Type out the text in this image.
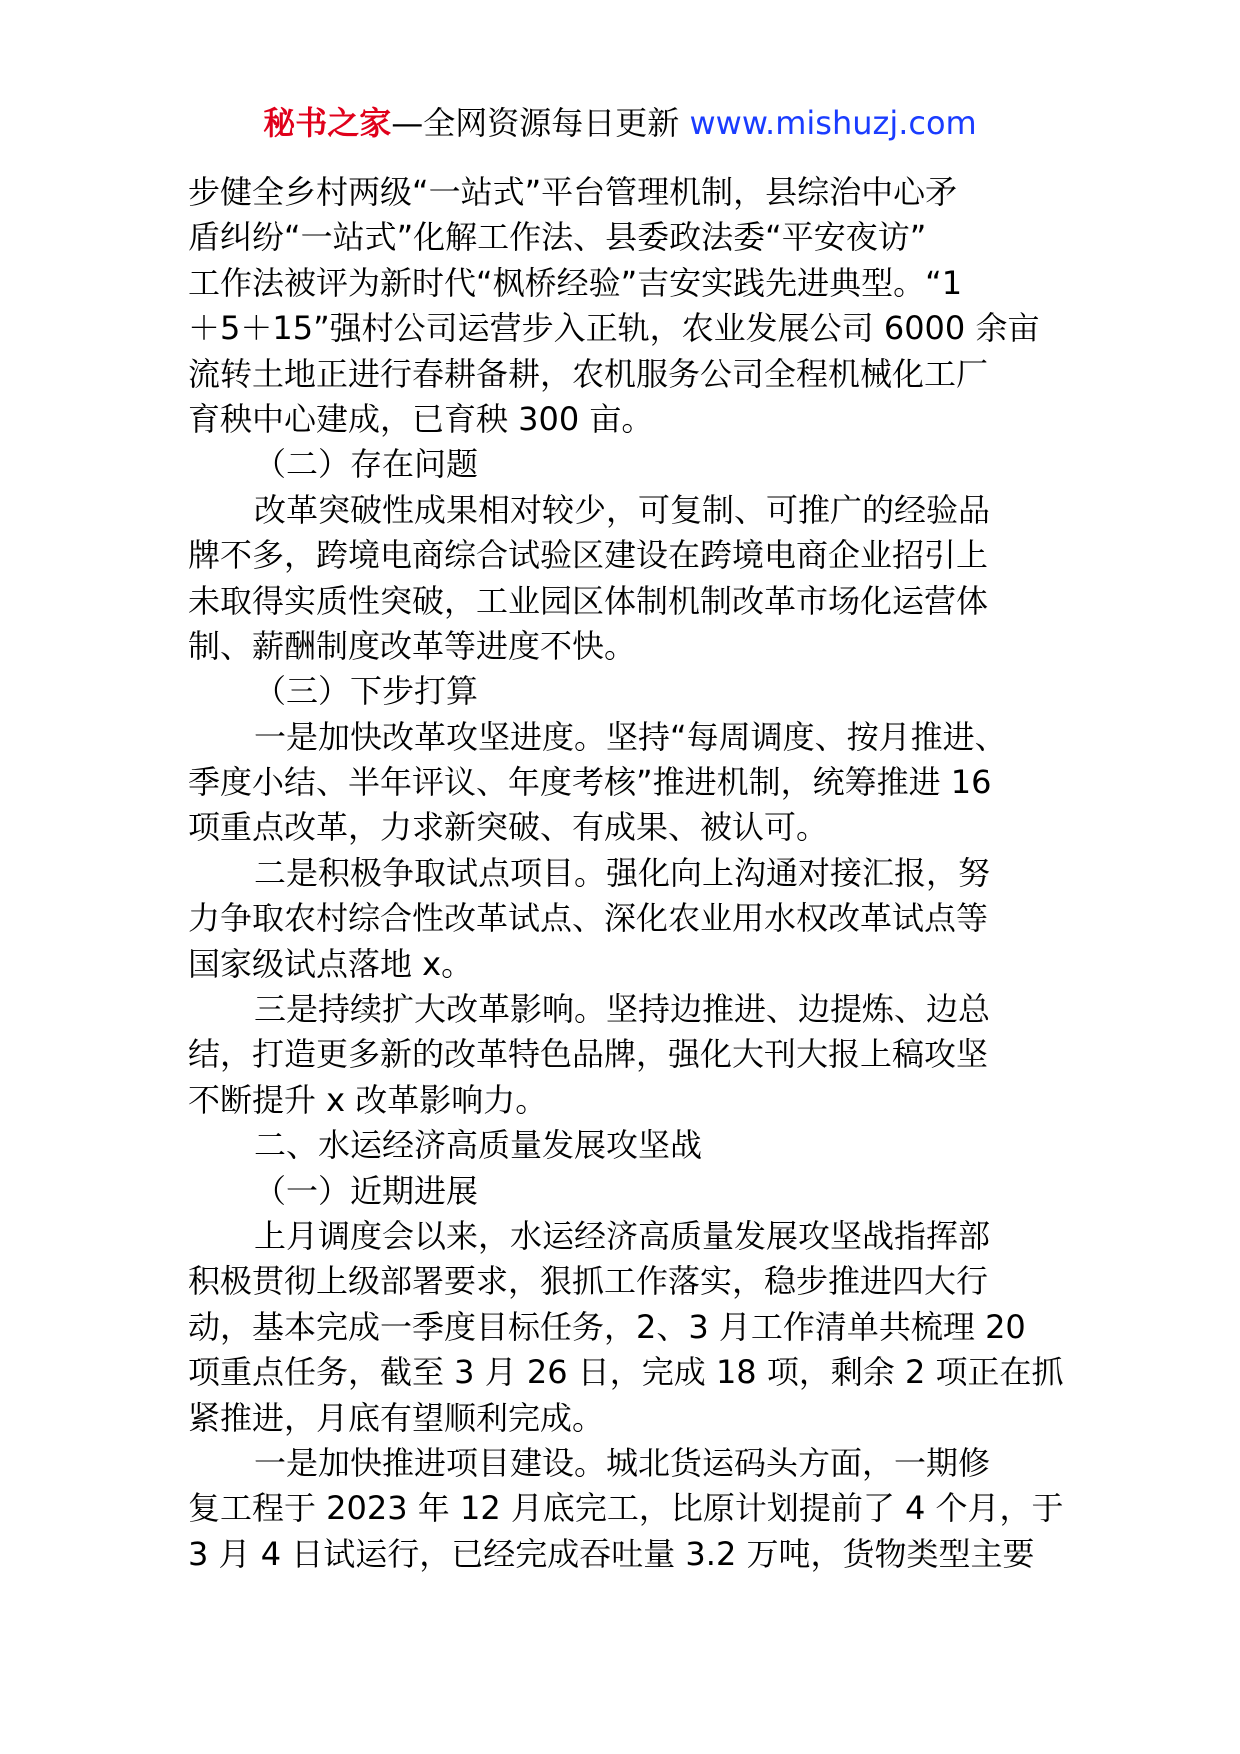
秘书之家—全网资源每日更新 www.mishuzj.com
步健全乡村两级“一站式”平台管理机制，县综治中心矛
盾纠纷“一站式”化解工作法、县委政法委“平安夜访”
工作法被评为新时代“枫桥经验”吉安实践先进典型。“1
＋5＋15”强村公司运营步入正轨，农业发展公司 6000 余亩
流转土地正进行春耕备耕，农机服务公司全程机械化工厂
育秧中心建成，已育秧 300 亩。
（二）存在问题
改革突破性成果相对较少，可复制、可推广的经验品
牌不多，跨境电商综合试验区建设在跨境电商企业招引上
未取得实质性突破，工业园区体制机制改革市场化运营体
制、薪酬制度改革等进度不快。
（三）下步打算
一是加快改革攻坚进度。坚持“每周调度、按月推进、
季度小结、半年评议、年度考核”推进机制，统筹推进 16
项重点改革，力求新突破、有成果、被认可。
二是积极争取试点项目。强化向上沟通对接汇报，努
力争取农村综合性改革试点、深化农业用水权改革试点等
国家级试点落地 x。
三是持续扩大改革影响。坚持边推进、边提炼、边总
结，打造更多新的改革特色品牌，强化大刊大报上稿攻坚
不断提升 x 改革影响力。
二、水运经济高质量发展攻坚战
（一）近期进展
上月调度会以来，水运经济高质量发展攻坚战指挥部
积极贯彻上级部署要求，狠抓工作落实，稳步推进四大行
动，基本完成一季度目标任务，2、3 月工作清单共梳理 20
项重点任务，截至 3 月 26 日，完成 18 项，剩余 2 项正在抓
紧推进，月底有望顺利完成。
一是加快推进项目建设。城北货运码头方面，一期修
复工程于 2023 年 12 月底完工，比原计划提前了 4 个月，于
3 月 4 日试运行，已经完成吞吐量 3.2 万吨，货物类型主要
